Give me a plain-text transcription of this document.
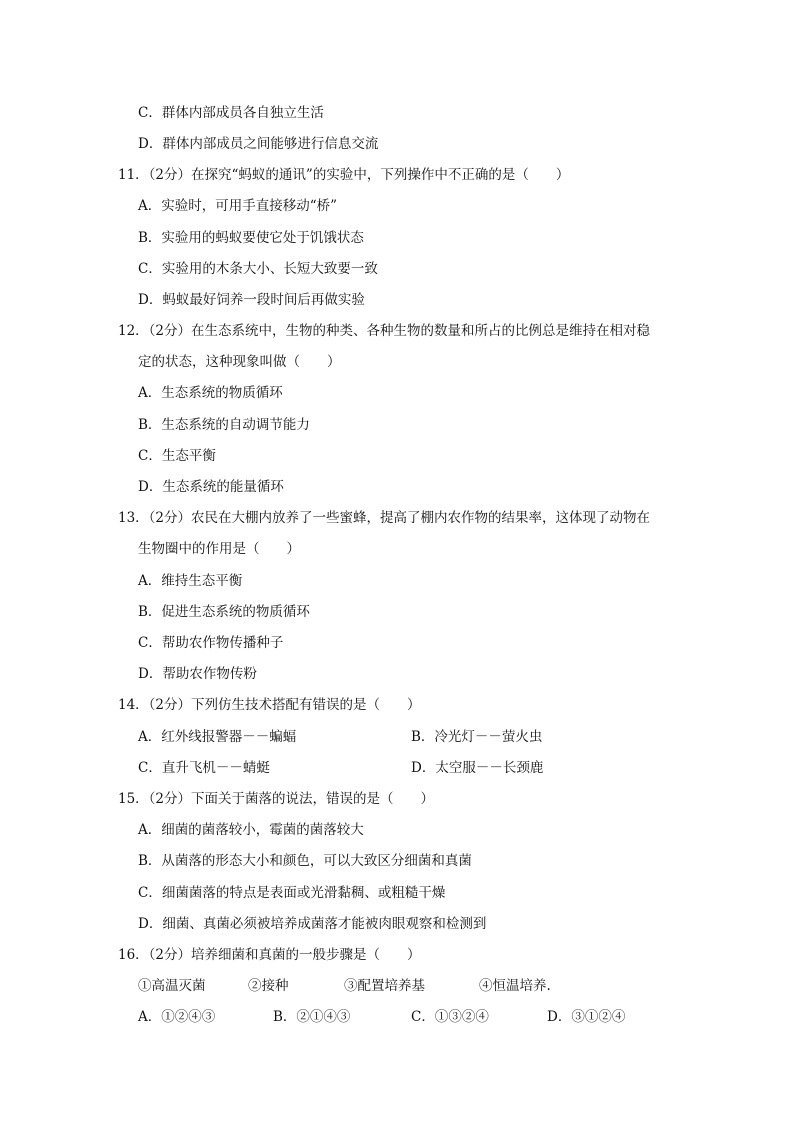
C．群体内部成员各自独立生活
D．群体内部成员之间能够进行信息交流
11．（2分）在探究“蚂蚁的通讯”的实验中，下列操作中不正确的是（　　）
A．实验时，可用手直接移动“桥”
B．实验用的蚂蚁要使它处于饥饿状态
C．实验用的木条大小、长短大致要一致
D．蚂蚁最好饲养一段时间后再做实验
12．（2分）在生态系统中，生物的种类、各种生物的数量和所占的比例总是维持在相对稳
定的状态，这种现象叫做（　　）
A．生态系统的物质循环
B．生态系统的自动调节能力
C．生态平衡
D．生态系统的能量循环
13．（2分）农民在大棚内放养了一些蜜蜂，提高了棚内农作物的结果率，这体现了动物在
生物圈中的作用是（　　）
A．维持生态平衡
B．促进生态系统的物质循环
C．帮助农作物传播种子
D．帮助农作物传粉
14．（2分）下列仿生技术搭配有错误的是（　　）
A．红外线报警器－－蝙蝠	B．冷光灯－－萤火虫
C．直升飞机－－蜻蜓	D．太空服－－长颈鹿
15．（2分）下面关于菌落的说法，错误的是（　　）
A．细菌的菌落较小，霉菌的菌落较大
B．从菌落的形态大小和颜色，可以大致区分细菌和真菌
C．细菌菌落的特点是表面或光滑黏稠、或粗糙干燥
D．细菌、真菌必须被培养成菌落才能被肉眼观察和检测到
16．（2分）培养细菌和真菌的一般步骤是（　　）
①高温灭菌	②接种	③配置培养基	④恒温培养.
A．①②④③	B．②①④③	C．①③②④	D．③①②④
